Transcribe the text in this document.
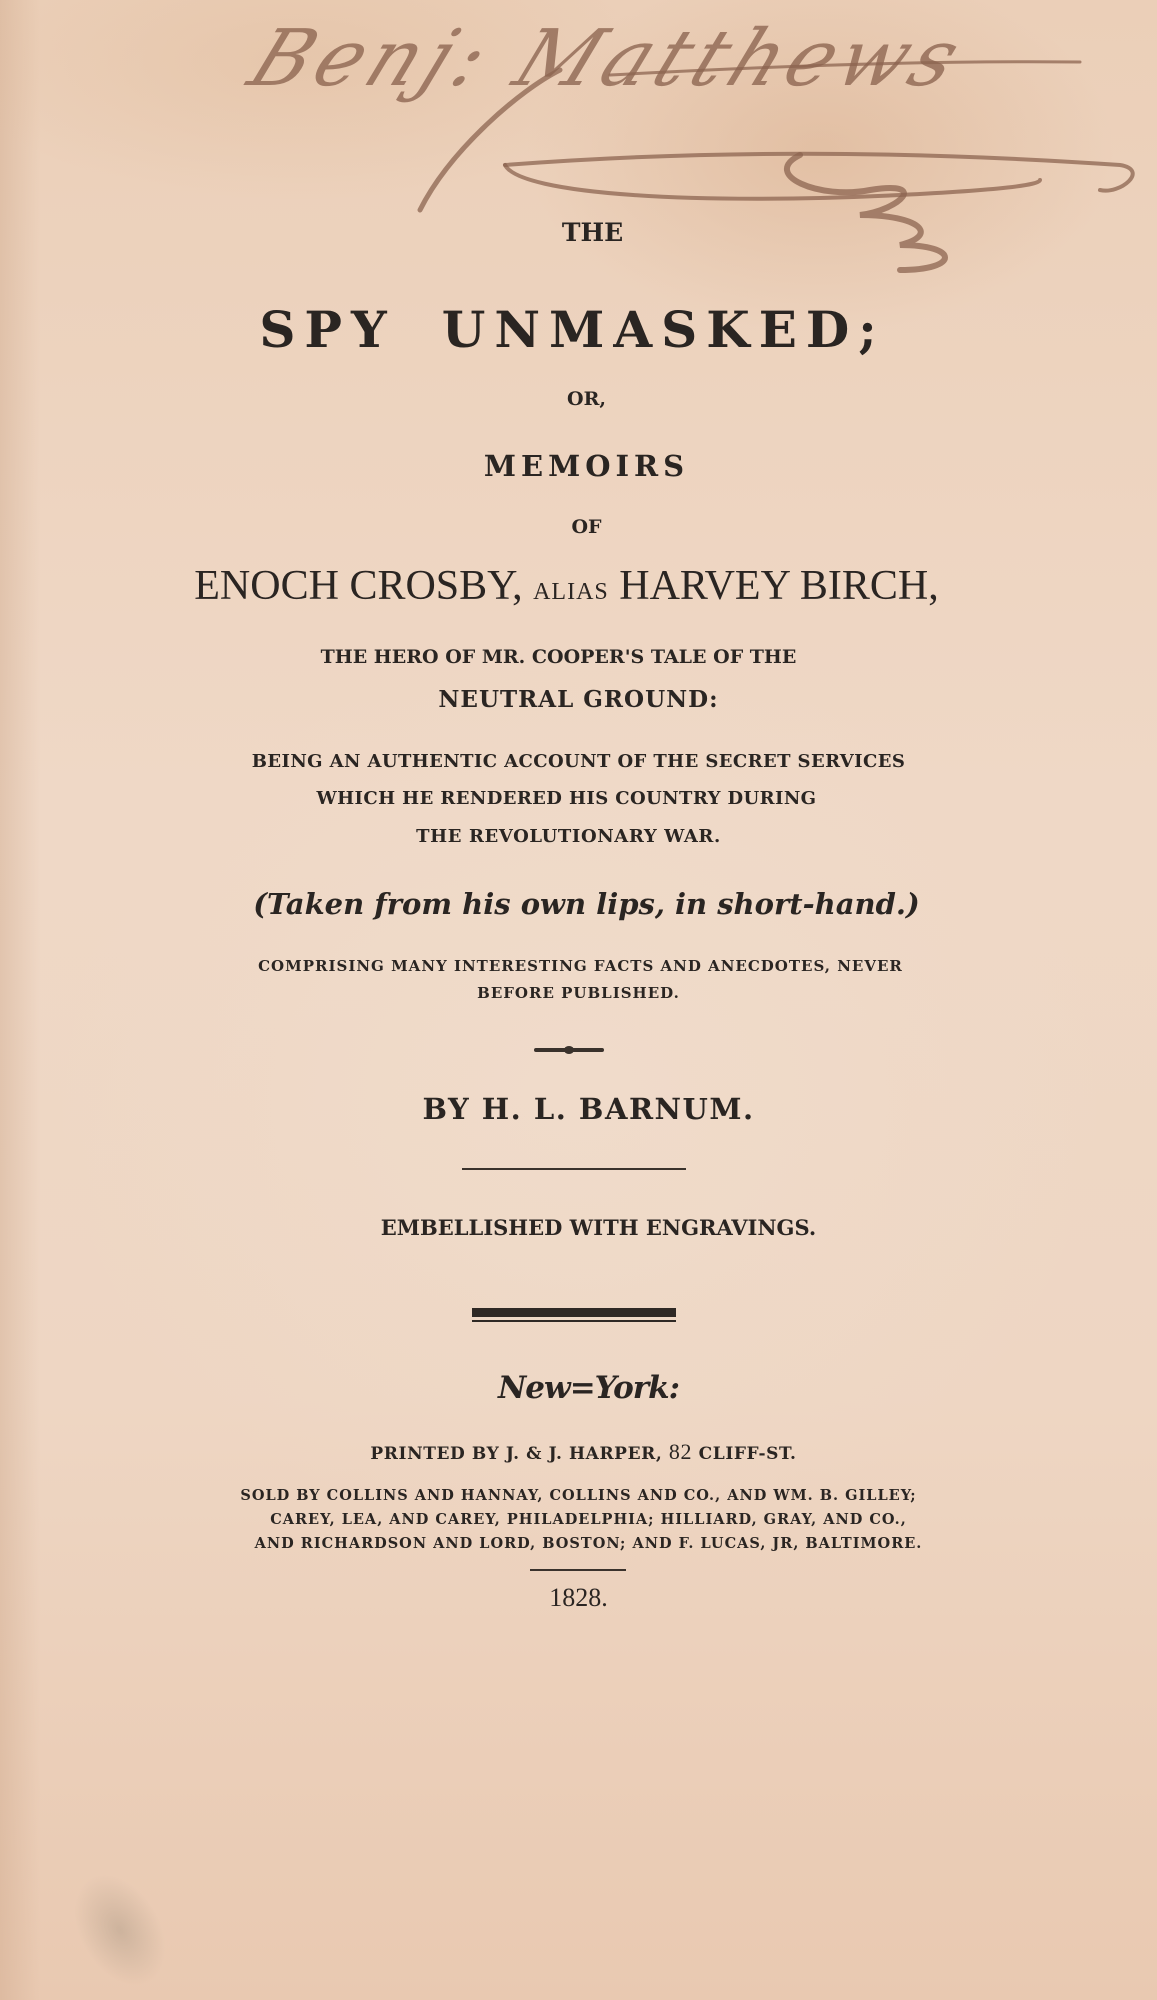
Benj: Matthews
THE
SPY UNMASKED;
OR,
MEMOIRS
OF
ENOCH CROSBY, ALIAS HARVEY BIRCH,
THE HERO OF MR. COOPER'S TALE OF THE
NEUTRAL GROUND:
BEING AN AUTHENTIC ACCOUNT OF THE SECRET SERVICES
WHICH HE RENDERED HIS COUNTRY DURING
THE REVOLUTIONARY WAR.
(Taken from his own lips, in short-hand.)
COMPRISING MANY INTERESTING FACTS AND ANECDOTES, NEVER
BEFORE PUBLISHED.
BY H. L. BARNUM.
EMBELLISHED WITH ENGRAVINGS.
New=York:
PRINTED BY J. & J. HARPER, 82 CLIFF-ST.
SOLD BY COLLINS AND HANNAY, COLLINS AND CO., AND WM. B. GILLEY;
CAREY, LEA, AND CAREY, PHILADELPHIA; HILLIARD, GRAY, AND CO.,
AND RICHARDSON AND LORD, BOSTON; AND F. LUCAS, JR, BALTIMORE.
1828.
